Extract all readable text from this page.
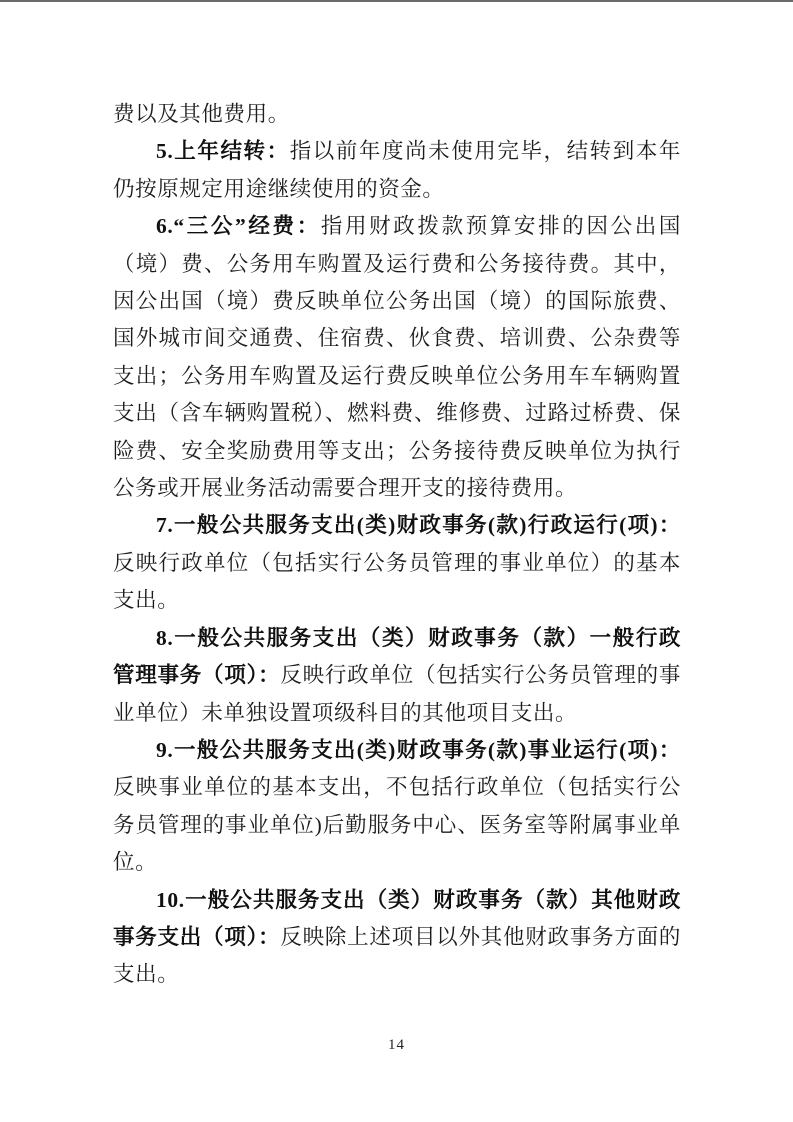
费以及其他费用。

5.上年结转：指以前年度尚未使用完毕，结转到本年仍按原规定用途继续使用的资金。

6.“三公”经费：指用财政拨款预算安排的因公出国（境）费、公务用车购置及运行费和公务接待费。其中，因公出国（境）费反映单位公务出国（境）的国际旅费、国外城市间交通费、住宿费、伙食费、培训费、公杂费等支出；公务用车购置及运行费反映单位公务用车车辆购置支出（含车辆购置税）、燃料费、维修费、过路过桥费、保险费、安全奖励费用等支出；公务接待费反映单位为执行公务或开展业务活动需要合理开支的接待费用。

7.一般公共服务支出(类)财政事务(款)行政运行(项)：反映行政单位（包括实行公务员管理的事业单位）的基本支出。

8.一般公共服务支出（类）财政事务（款）一般行政管理事务（项）：反映行政单位（包括实行公务员管理的事业单位）未单独设置项级科目的其他项目支出。

9.一般公共服务支出(类)财政事务(款)事业运行(项)：反映事业单位的基本支出，不包括行政单位（包括实行公务员管理的事业单位)后勤服务中心、医务室等附属事业单位。

10.一般公共服务支出（类）财政事务（款）其他财政事务支出（项）：反映除上述项目以外其他财政事务方面的支出。

14
